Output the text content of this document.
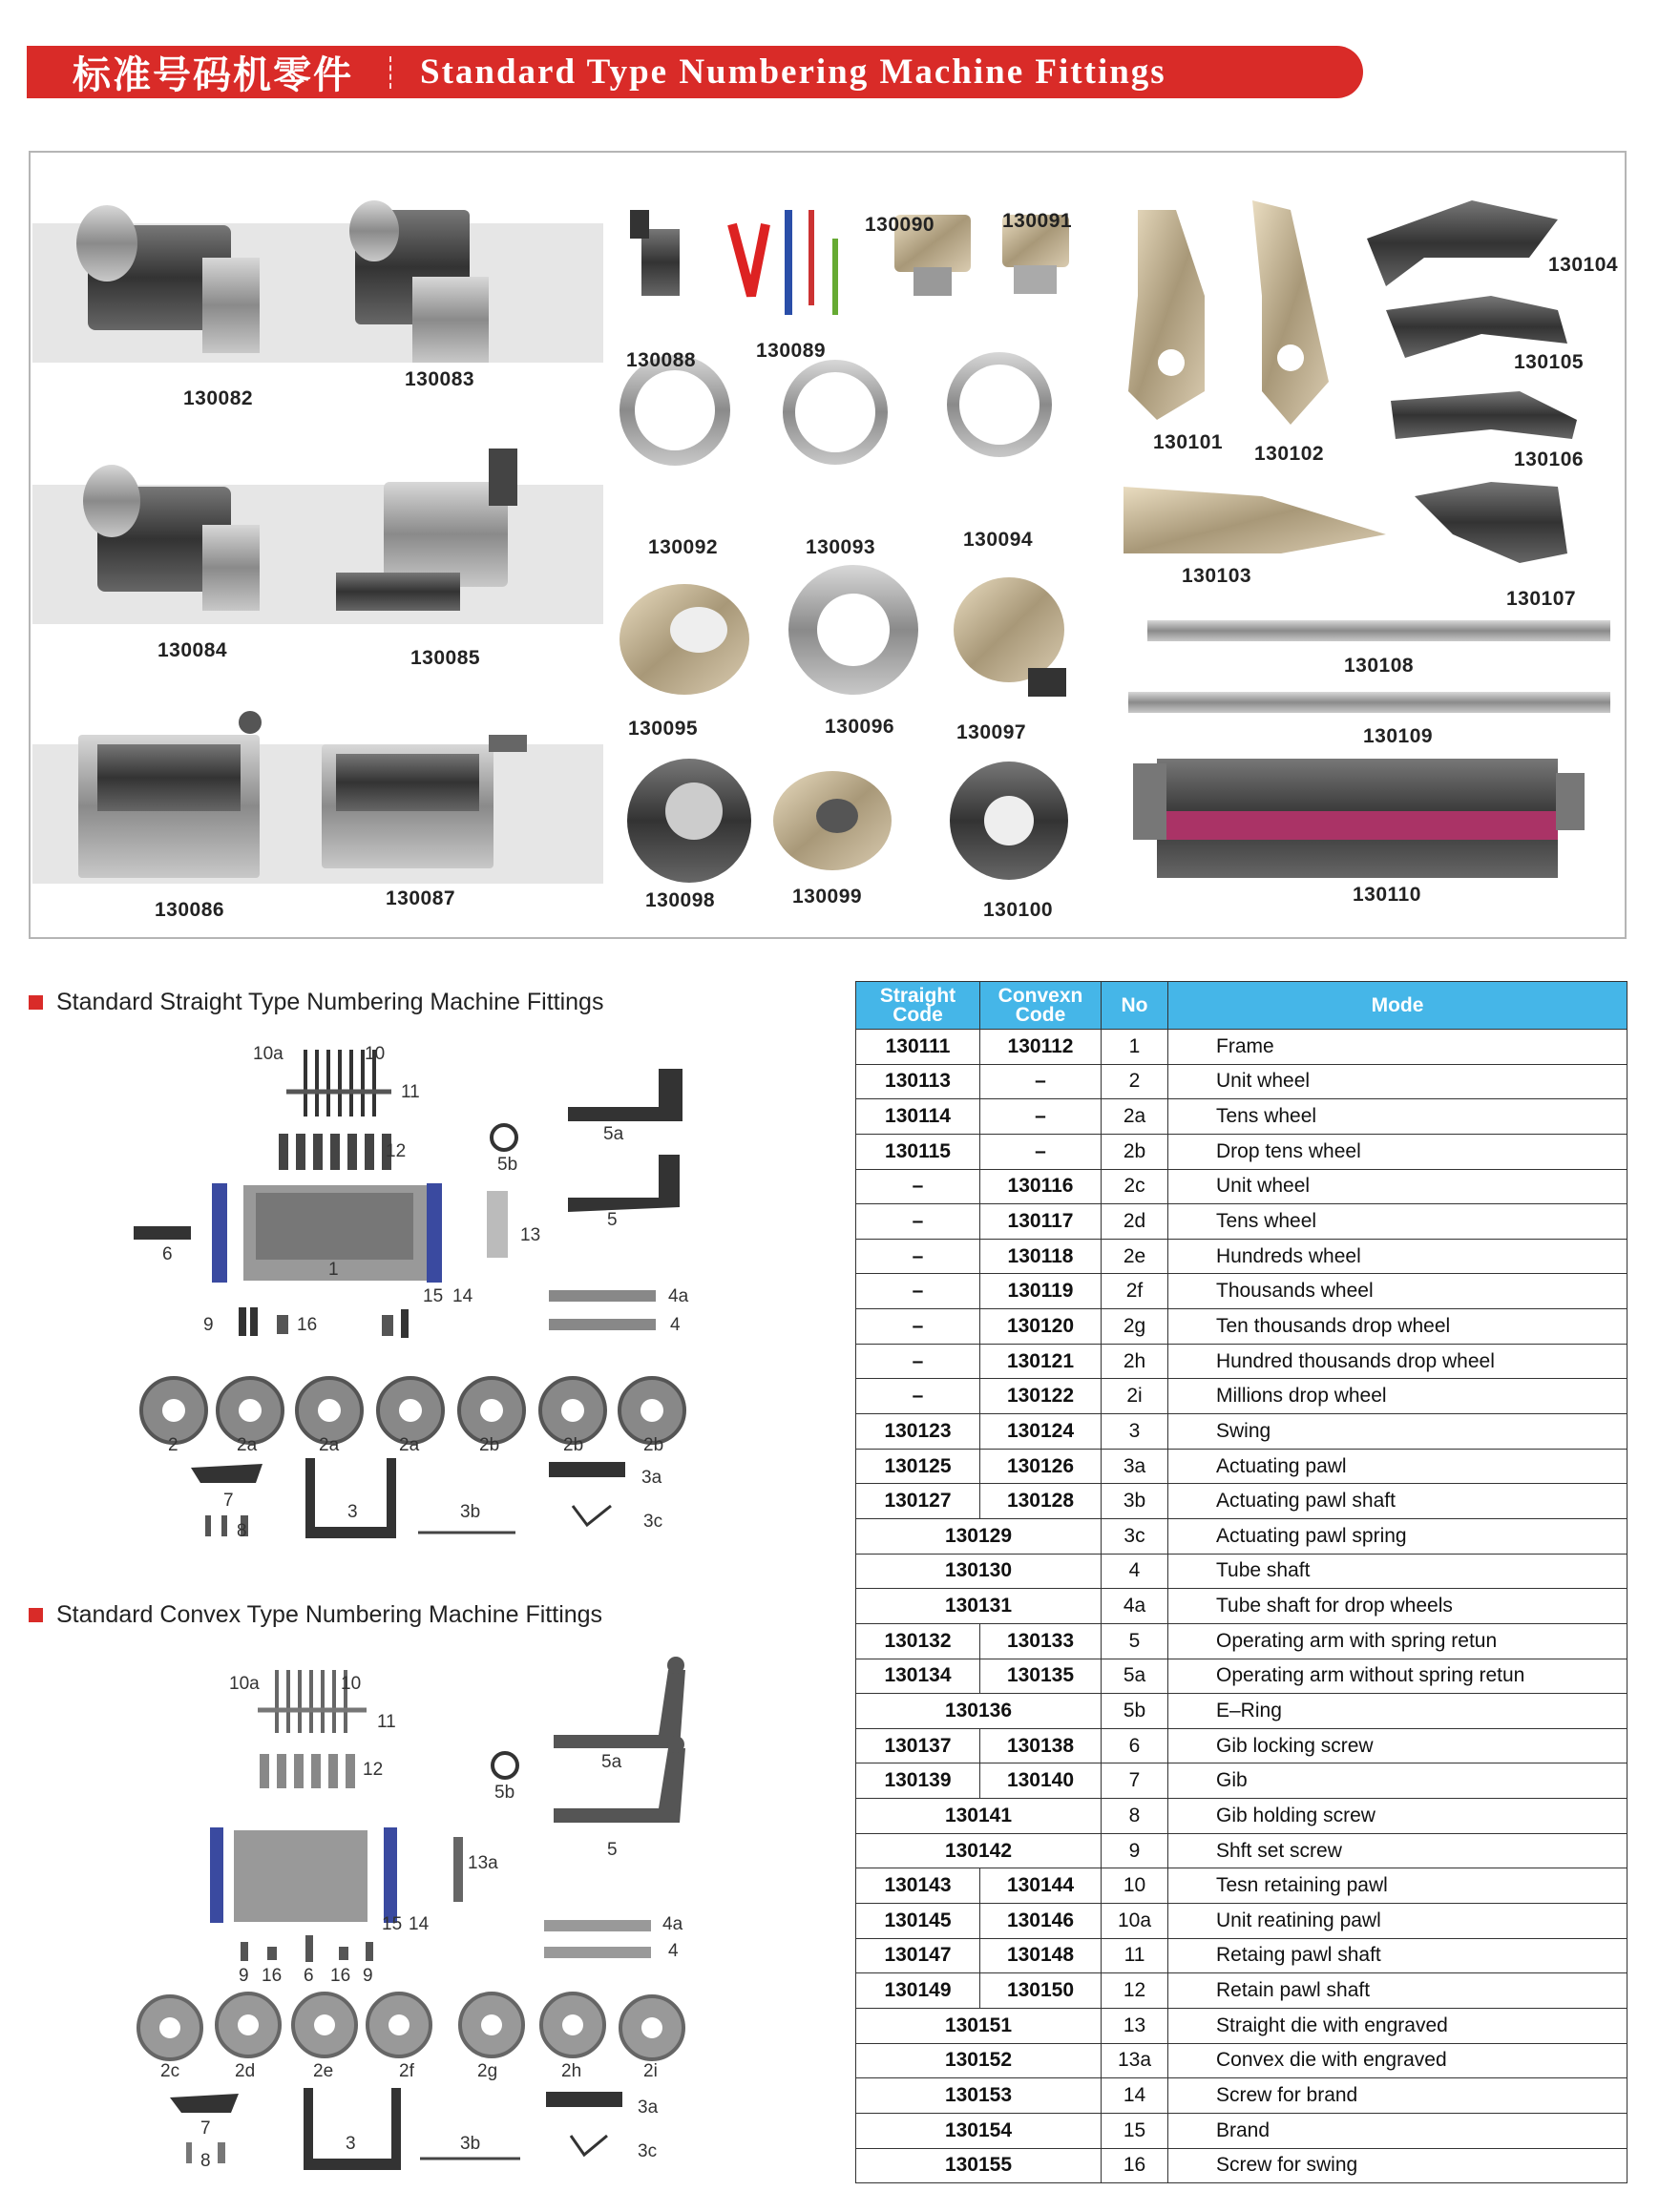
标准号码机零件 Standard Type Numbering Machine Fittings
130082
130083
130084	130085
130086
130087
130088	130089
130090	130091
130092	130093	130094
130095	130096	130097
130098	130099
130100
130101
130102
130103
130104
130105
130106
130107
130108
130109
130110
Standard Straight Type Numbering Machine Fittings
10a	10
11
12
5b
5a
5
6
1
13
15 14	4a
4
9	16
2	2a	2a	2a	2b	2b	2b
7
3	3b
3a
8	3c
Standard Convex Type Numbering Machine Fittings
10a	10
11
12
5b
5a
5
13a
15 14	4a
4
9 16 6 16 9
2c	2d	2e	2f	2g	2h	2i
7
3	3b
3a
8	3c
Straight Code	Convexn Code	No	Mode
130111	130112	1	Frame
130113	–	2	Unit wheel
130114	–	2a	Tens wheel
130115	–	2b	Drop tens wheel
–	130116	2c	Unit wheel
–	130117	2d	Tens wheel
–	130118	2e	Hundreds wheel
–	130119	2f	Thousands wheel
–	130120	2g	Ten thousands drop wheel
–	130121	2h	Hundred thousands drop wheel
–	130122	2i	Millions drop wheel
130123	130124	3	Swing
130125	130126	3a	Actuating pawl
130127	130128	3b	Actuating pawl shaft
130129		3c	Actuating pawl spring
130130		4	Tube shaft
130131		4a	Tube shaft for drop wheels
130132	130133	5	Operating arm with spring retun
130134	130135	5a	Operating arm without spring retun
130136		5b	E–Ring
130137	130138	6	Gib locking screw
130139	130140	7	Gib
130141		8	Gib holding screw
130142		9	Shft set screw
130143	130144	10	Tesn retaining pawl
130145	130146	10a	Unit reatining pawl
130147	130148	11	Retaing pawl shaft
130149	130150	12	Retain pawl shaft
130151		13	Straight die with engraved
130152		13a	Convex die with engraved
130153		14	Screw for brand
130154		15	Brand
130155		16	Screw for swing
